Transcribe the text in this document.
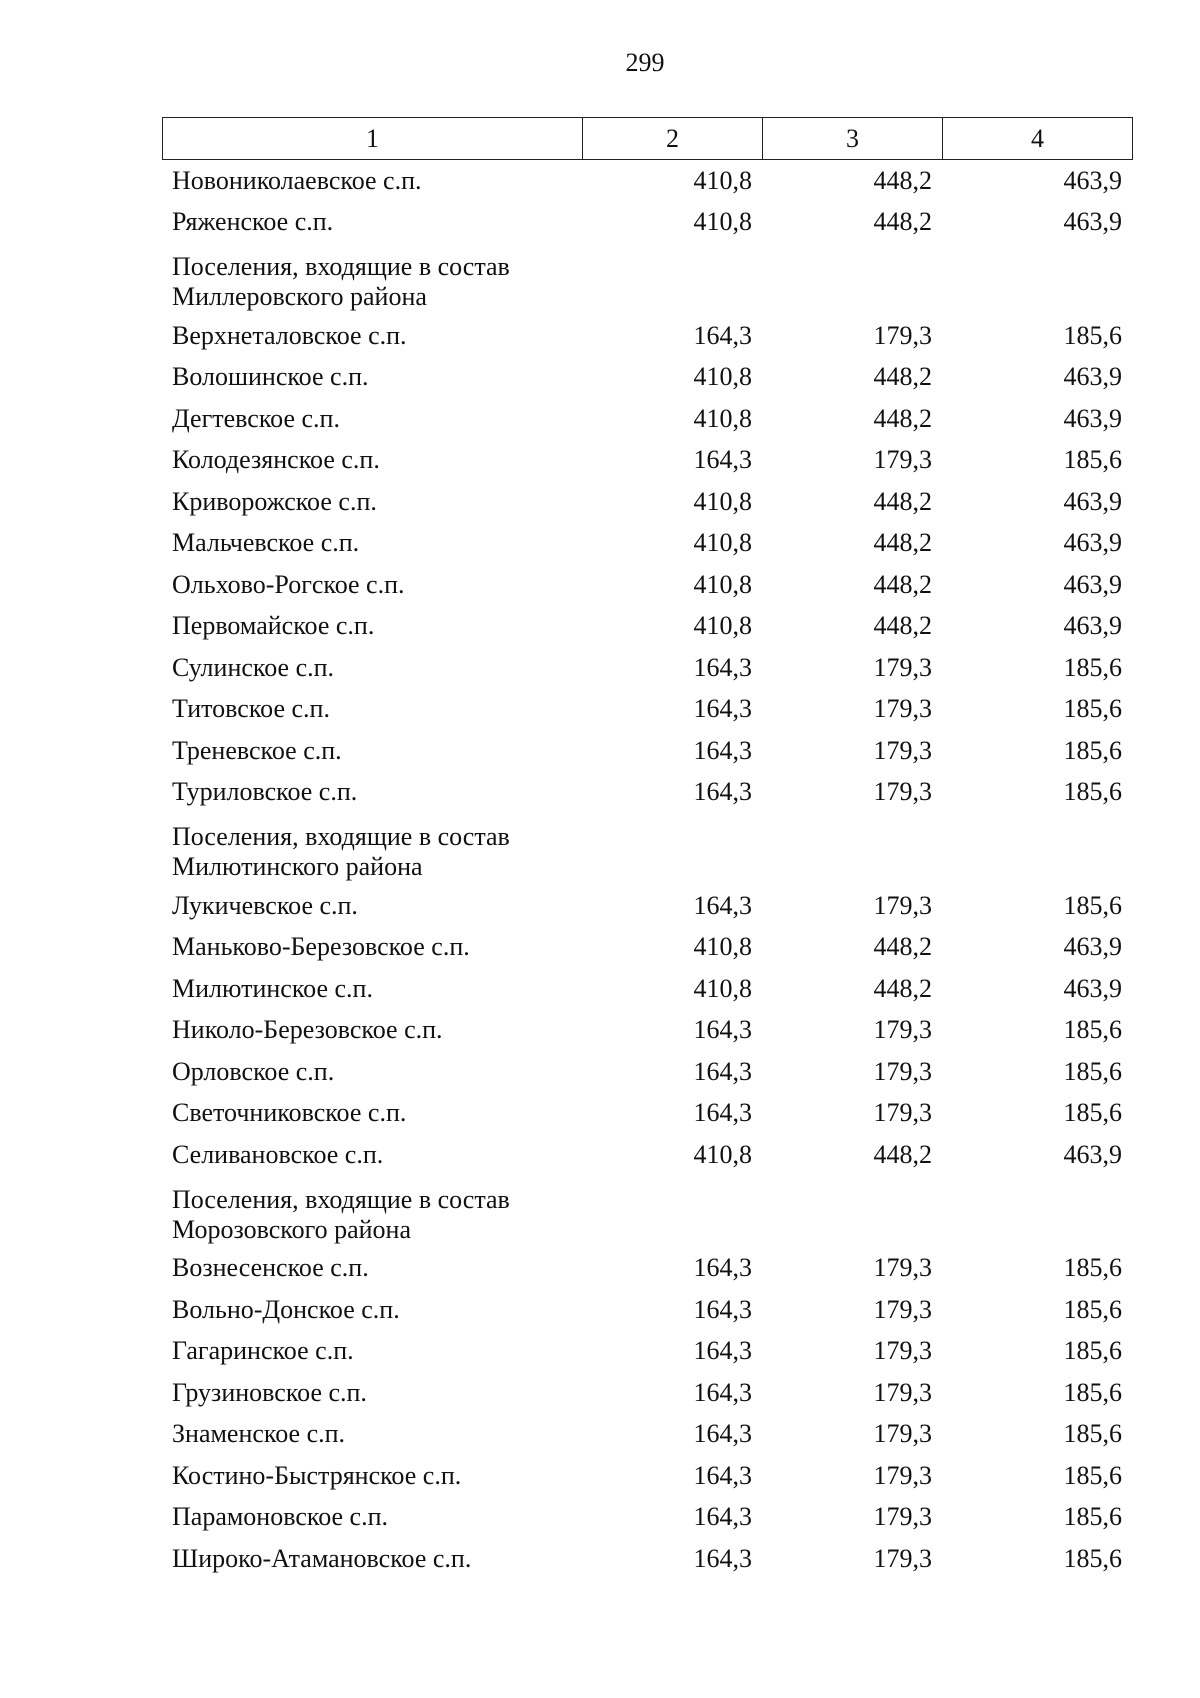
299
1	2	3	4
Новониколаевское с.п.	410,8	448,2	463,9
Ряженское с.п.	410,8	448,2	463,9
Поселения, входящие в состав
Миллеровского района
Верхнеталовское с.п.	164,3	179,3	185,6
Волошинское с.п.	410,8	448,2	463,9
Дегтевское с.п.	410,8	448,2	463,9
Колодезянское с.п.	164,3	179,3	185,6
Криворожское с.п.	410,8	448,2	463,9
Мальчевское с.п.	410,8	448,2	463,9
Ольхово-Рогское с.п.	410,8	448,2	463,9
Первомайское с.п.	410,8	448,2	463,9
Сулинское с.п.	164,3	179,3	185,6
Титовское с.п.	164,3	179,3	185,6
Треневское с.п.	164,3	179,3	185,6
Туриловское с.п.	164,3	179,3	185,6
Поселения, входящие в состав
Милютинского района
Лукичевское с.п.	164,3	179,3	185,6
Маньково-Березовское с.п.	410,8	448,2	463,9
Милютинское с.п.	410,8	448,2	463,9
Николо-Березовское с.п.	164,3	179,3	185,6
Орловское с.п.	164,3	179,3	185,6
Светочниковское с.п.	164,3	179,3	185,6
Селивановское с.п.	410,8	448,2	463,9
Поселения, входящие в состав
Морозовского района
Вознесенское с.п.	164,3	179,3	185,6
Вольно-Донское с.п.	164,3	179,3	185,6
Гагаринское с.п.	164,3	179,3	185,6
Грузиновское с.п.	164,3	179,3	185,6
Знаменское с.п.	164,3	179,3	185,6
Костино-Быстрянское с.п.	164,3	179,3	185,6
Парамоновское с.п.	164,3	179,3	185,6
Широко-Атамановское с.п.	164,3	179,3	185,6
